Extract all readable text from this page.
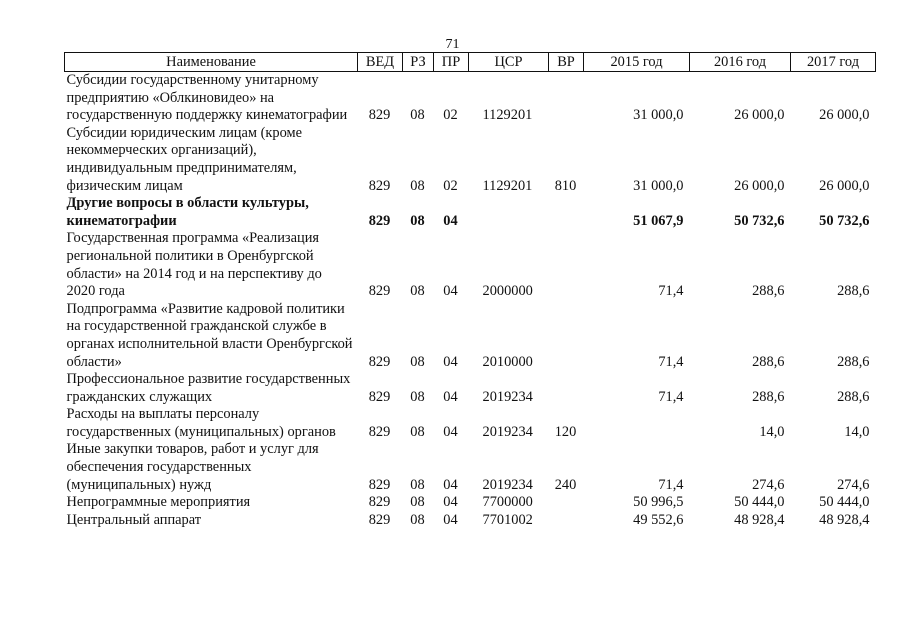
71
Наименование	ВЕД	РЗ	ПР	ЦСР	ВР	2015 год	2016 год	2017 год
Субсидии государственному унитарному предприятию «Облкиновидео» на государственную поддержку кинематографии	829	08	02	1129201		31 000,0	26 000,0	26 000,0
Субсидии юридическим лицам (кроме некоммерческих организаций), индивидуальным предпринимателям, физическим лицам	829	08	02	1129201	810	31 000,0	26 000,0	26 000,0
Другие вопросы в области культуры, кинематографии	829	08	04			51 067,9	50 732,6	50 732,6
Государственная программа «Реализация региональной политики в Оренбургской области» на 2014 год и на перспективу до 2020 года	829	08	04	2000000		71,4	288,6	288,6
Подпрограмма «Развитие кадровой политики на государственной гражданской службе в органах исполнительной власти Оренбургской области»	829	08	04	2010000		71,4	288,6	288,6
Профессиональное развитие государственных гражданских служащих	829	08	04	2019234		71,4	288,6	288,6
Расходы на выплаты персоналу государственных (муниципальных) органов	829	08	04	2019234	120		14,0	14,0
Иные закупки товаров, работ и услуг для обеспечения государственных (муниципальных) нужд	829	08	04	2019234	240	71,4	274,6	274,6
Непрограммные мероприятия	829	08	04	7700000		50 996,5	50 444,0	50 444,0
Центральный аппарат	829	08	04	7701002		49 552,6	48 928,4	48 928,4
